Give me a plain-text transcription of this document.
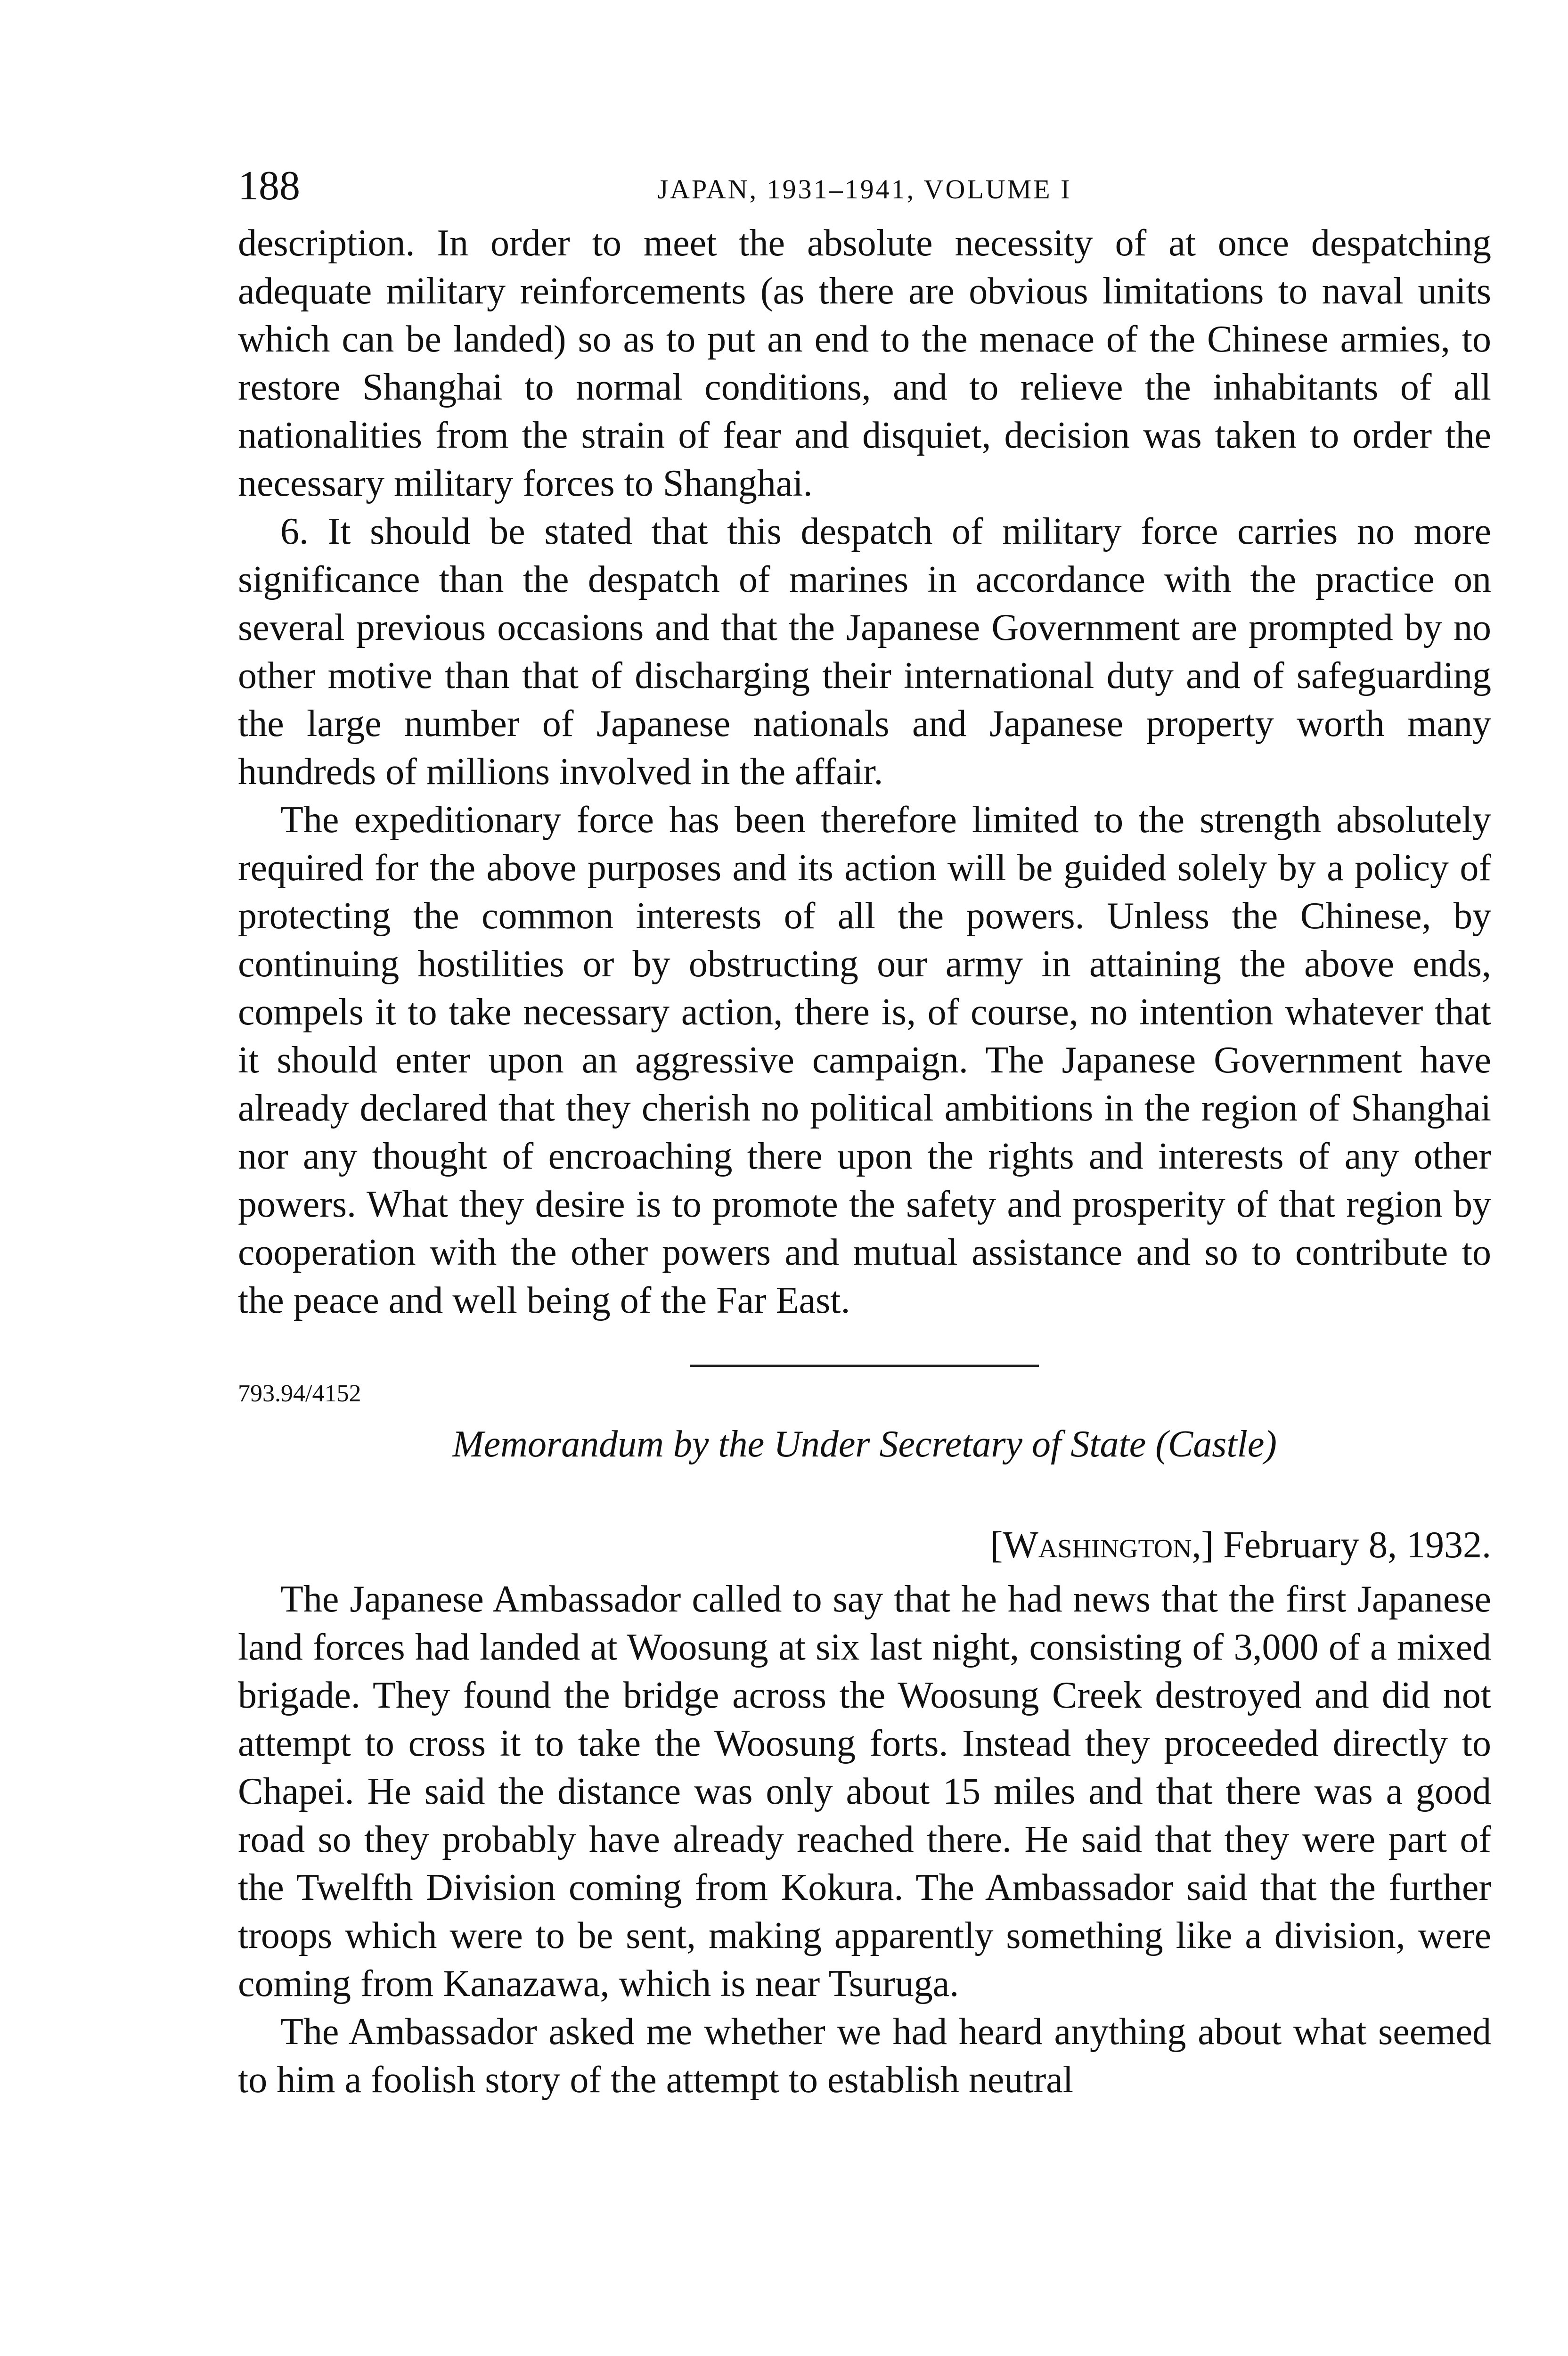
188	JAPAN, 1931–1941, VOLUME I

description. In order to meet the absolute necessity of at once despatching adequate military reinforcements (as there are obvious limitations to naval units which can be landed) so as to put an end to the menace of the Chinese armies, to restore Shanghai to normal conditions, and to relieve the inhabitants of all nationalities from the strain of fear and disquiet, decision was taken to order the necessary military forces to Shanghai.

6. It should be stated that this despatch of military force carries no more significance than the despatch of marines in accordance with the practice on several previous occasions and that the Japanese Government are prompted by no other motive than that of discharging their international duty and of safeguarding the large number of Japanese nationals and Japanese property worth many hundreds of millions involved in the affair.

The expeditionary force has been therefore limited to the strength absolutely required for the above purposes and its action will be guided solely by a policy of protecting the common interests of all the powers. Unless the Chinese, by continuing hostilities or by obstructing our army in attaining the above ends, compels it to take necessary action, there is, of course, no intention whatever that it should enter upon an aggressive campaign. The Japanese Government have already declared that they cherish no political ambitions in the region of Shanghai nor any thought of encroaching there upon the rights and interests of any other powers. What they desire is to promote the safety and prosperity of that region by cooperation with the other powers and mutual assistance and so to contribute to the peace and well being of the Far East.

793.94/4152

Memorandum by the Under Secretary of State (Castle)

[Washington,] February 8, 1932.

The Japanese Ambassador called to say that he had news that the first Japanese land forces had landed at Woosung at six last night, consisting of 3,000 of a mixed brigade. They found the bridge across the Woosung Creek destroyed and did not attempt to cross it to take the Woosung forts. Instead they proceeded directly to Chapei. He said the distance was only about 15 miles and that there was a good road so they probably have already reached there. He said that they were part of the Twelfth Division coming from Kokura. The Ambassador said that the further troops which were to be sent, making apparently something like a division, were coming from Kanazawa, which is near Tsuruga.

The Ambassador asked me whether we had heard anything about what seemed to him a foolish story of the attempt to establish neutral
